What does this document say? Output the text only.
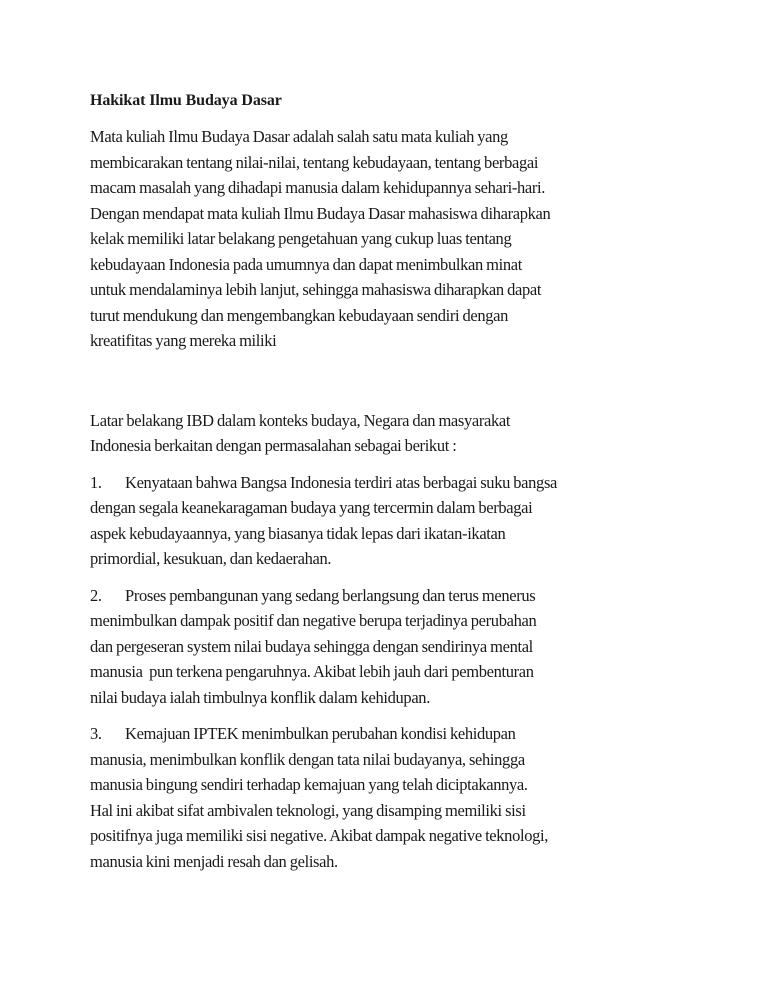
Hakikat Ilmu Budaya Dasar
Mata kuliah Ilmu Budaya Dasar adalah salah satu mata kuliah yang
membicarakan tentang nilai-nilai, tentang kebudayaan, tentang berbagai
macam masalah yang dihadapi manusia dalam kehidupannya sehari-hari.
Dengan mendapat mata kuliah Ilmu Budaya Dasar mahasiswa diharapkan
kelak memiliki latar belakang pengetahuan yang cukup luas tentang
kebudayaan Indonesia pada umumnya dan dapat menimbulkan minat
untuk mendalaminya lebih lanjut, sehingga mahasiswa diharapkan dapat
turut mendukung dan mengembangkan kebudayaan sendiri dengan
kreatifitas yang mereka miliki
Latar belakang IBD dalam konteks budaya, Negara dan masyarakat
Indonesia berkaitan dengan permasalahan sebagai berikut :
1. Kenyataan bahwa Bangsa Indonesia terdiri atas berbagai suku bangsa
dengan segala keanekaragaman budaya yang tercermin dalam berbagai
aspek kebudayaannya, yang biasanya tidak lepas dari ikatan-ikatan
primordial, kesukuan, dan kedaerahan.
2. Proses pembangunan yang sedang berlangsung dan terus menerus
menimbulkan dampak positif dan negative berupa terjadinya perubahan
dan pergeseran system nilai budaya sehingga dengan sendirinya mental
manusia  pun terkena pengaruhnya. Akibat lebih jauh dari pembenturan
nilai budaya ialah timbulnya konflik dalam kehidupan.
3. Kemajuan IPTEK menimbulkan perubahan kondisi kehidupan
manusia, menimbulkan konflik dengan tata nilai budayanya, sehingga
manusia bingung sendiri terhadap kemajuan yang telah diciptakannya.
Hal ini akibat sifat ambivalen teknologi, yang disamping memiliki sisi
positifnya juga memiliki sisi negative. Akibat dampak negative teknologi,
manusia kini menjadi resah dan gelisah.
